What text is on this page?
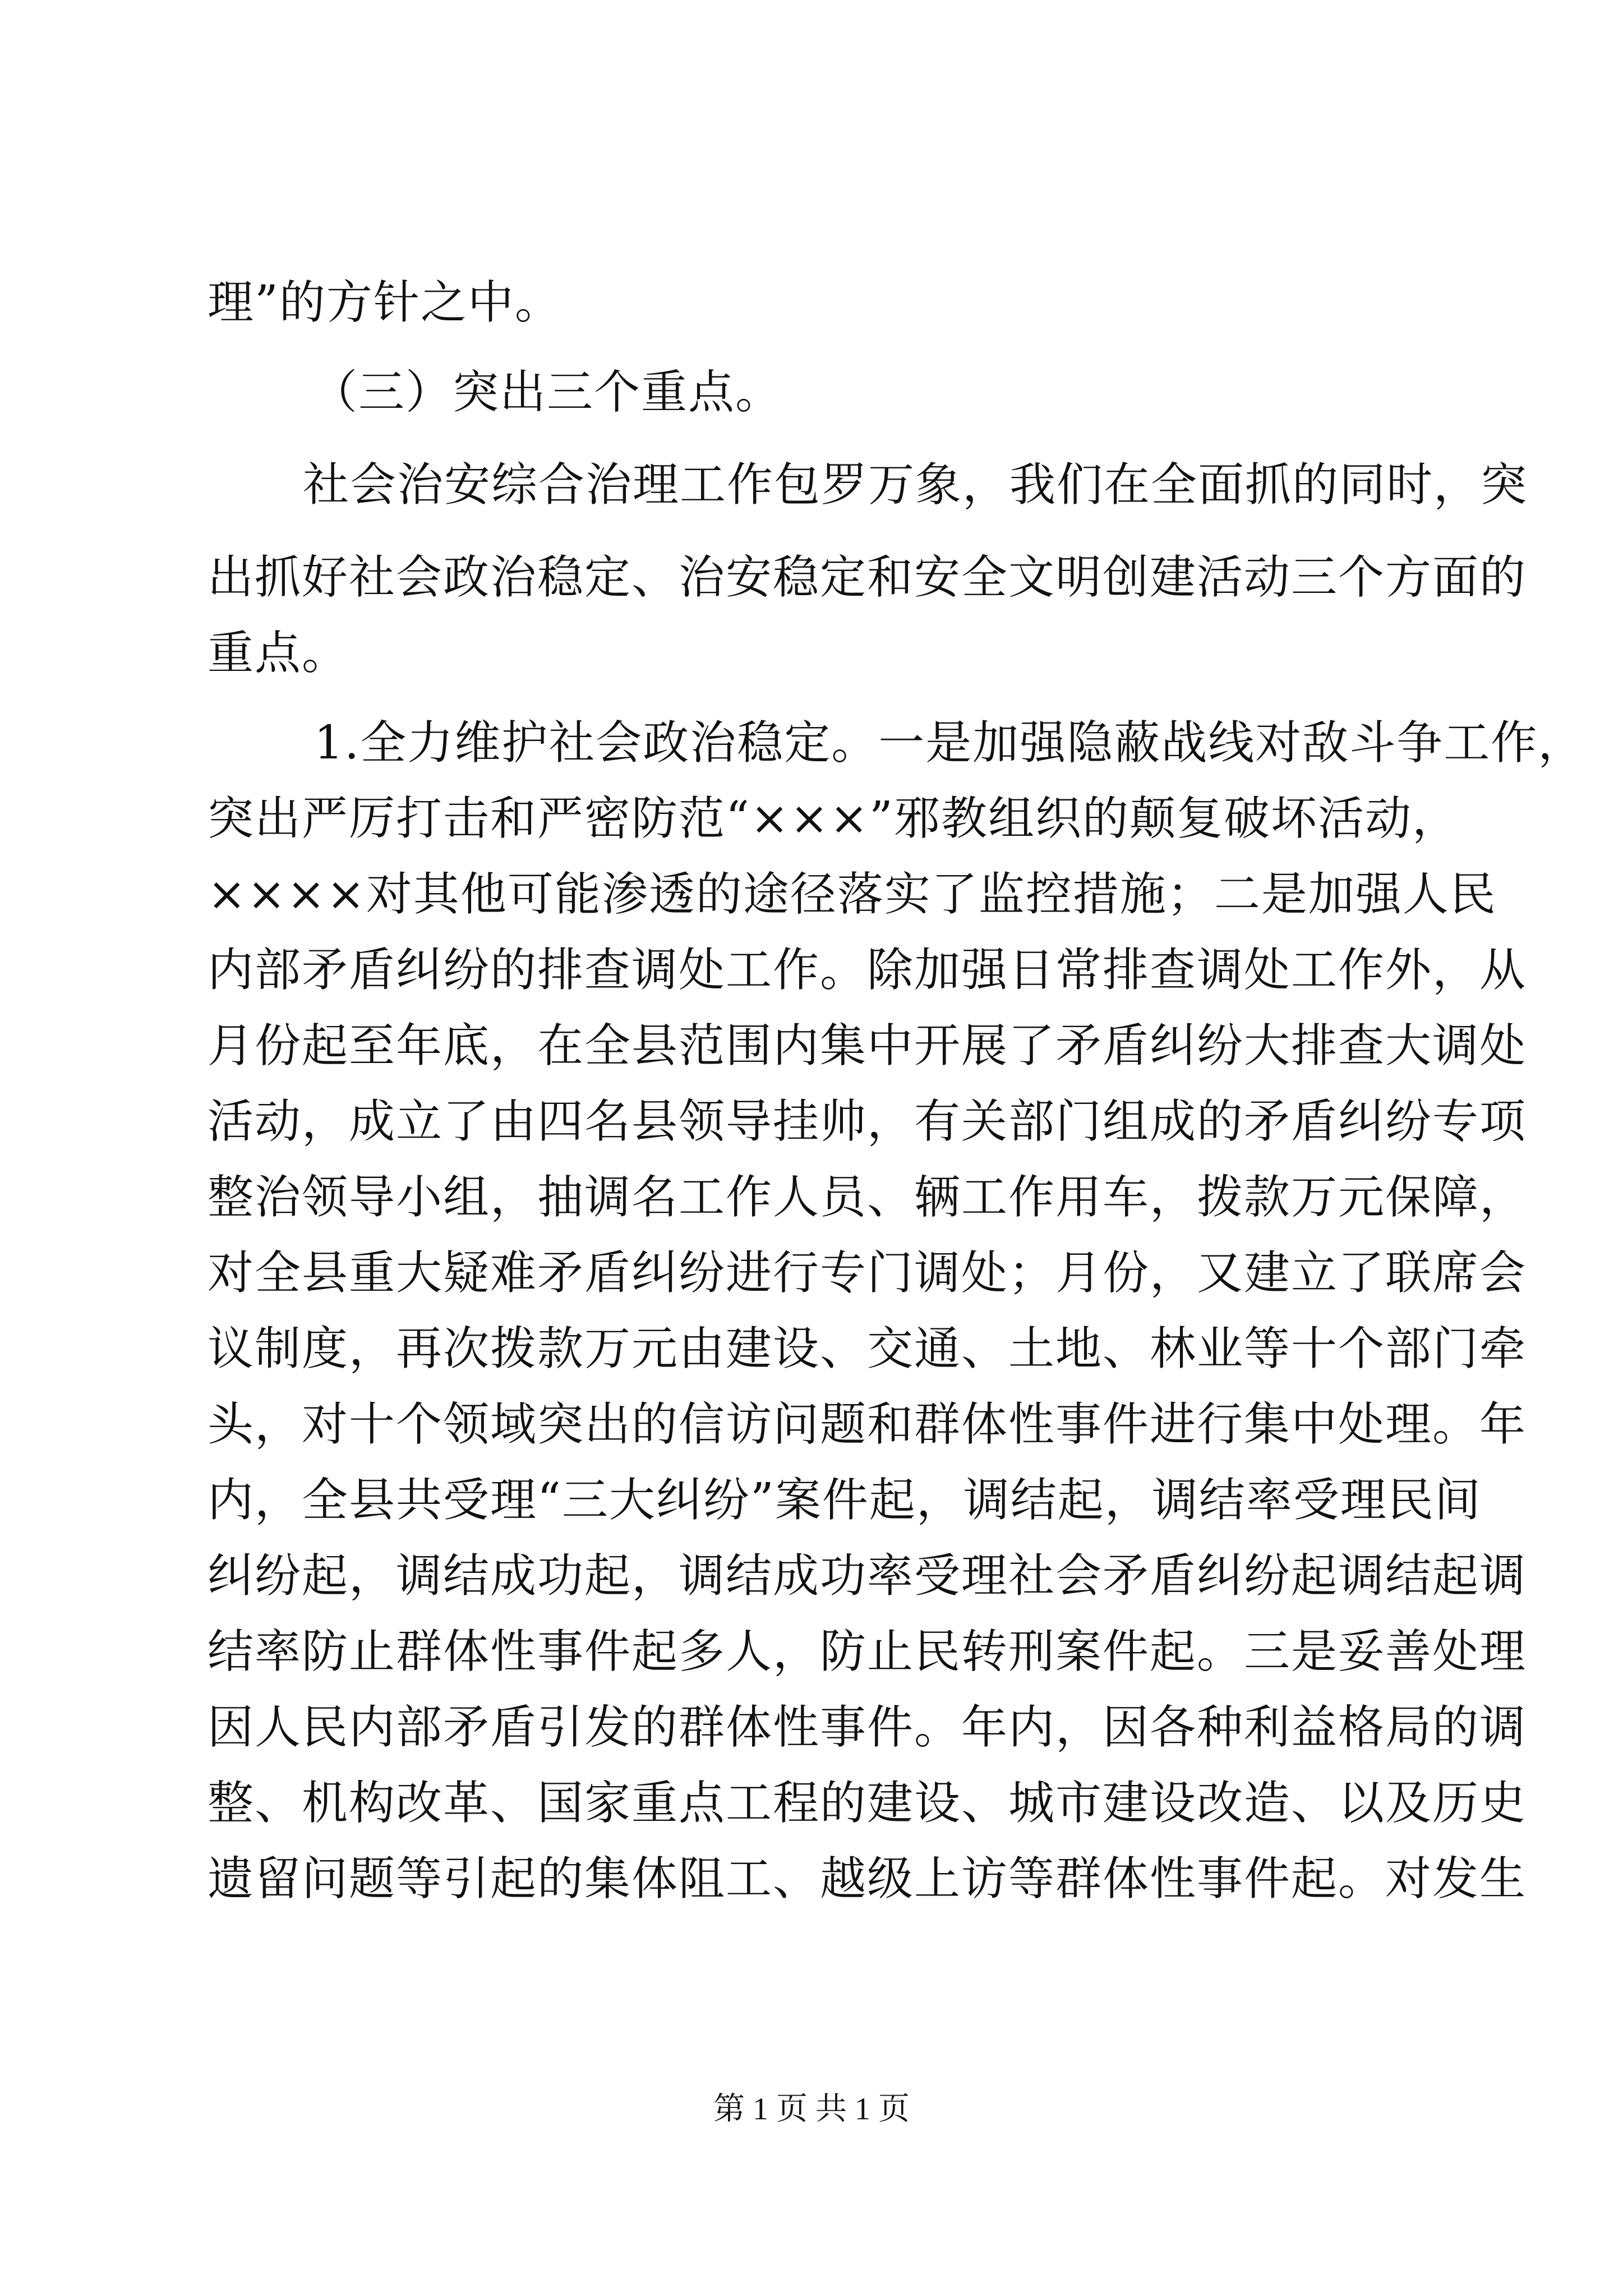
理”的方针之中。
（三）突出三个重点。
社会治安综合治理工作包罗万象，我们在全面抓的同时，突
出抓好社会政治稳定、治安稳定和安全文明创建活动三个方面的
重点。
1.全力维护社会政治稳定。一是加强隐蔽战线对敌斗争工作，
突出严厉打击和严密防范“×××”邪教组织的颠复破坏活动，
××××对其他可能渗透的途径落实了监控措施；二是加强人民
内部矛盾纠纷的排查调处工作。除加强日常排查调处工作外，从
月份起至年底，在全县范围内集中开展了矛盾纠纷大排查大调处
活动，成立了由四名县领导挂帅，有关部门组成的矛盾纠纷专项
整治领导小组，抽调名工作人员、辆工作用车，拨款万元保障，
对全县重大疑难矛盾纠纷进行专门调处；月份，又建立了联席会
议制度，再次拨款万元由建设、交通、土地、林业等十个部门牵
头，对十个领域突出的信访问题和群体性事件进行集中处理。年
内，全县共受理“三大纠纷”案件起，调结起，调结率受理民间
纠纷起，调结成功起，调结成功率受理社会矛盾纠纷起调结起调
结率防止群体性事件起多人，防止民转刑案件起。三是妥善处理
因人民内部矛盾引发的群体性事件。年内，因各种利益格局的调
整、机构改革、国家重点工程的建设、城市建设改造、以及历史
遗留问题等引起的集体阻工、越级上访等群体性事件起。对发生
第 1 页 共 1 页
